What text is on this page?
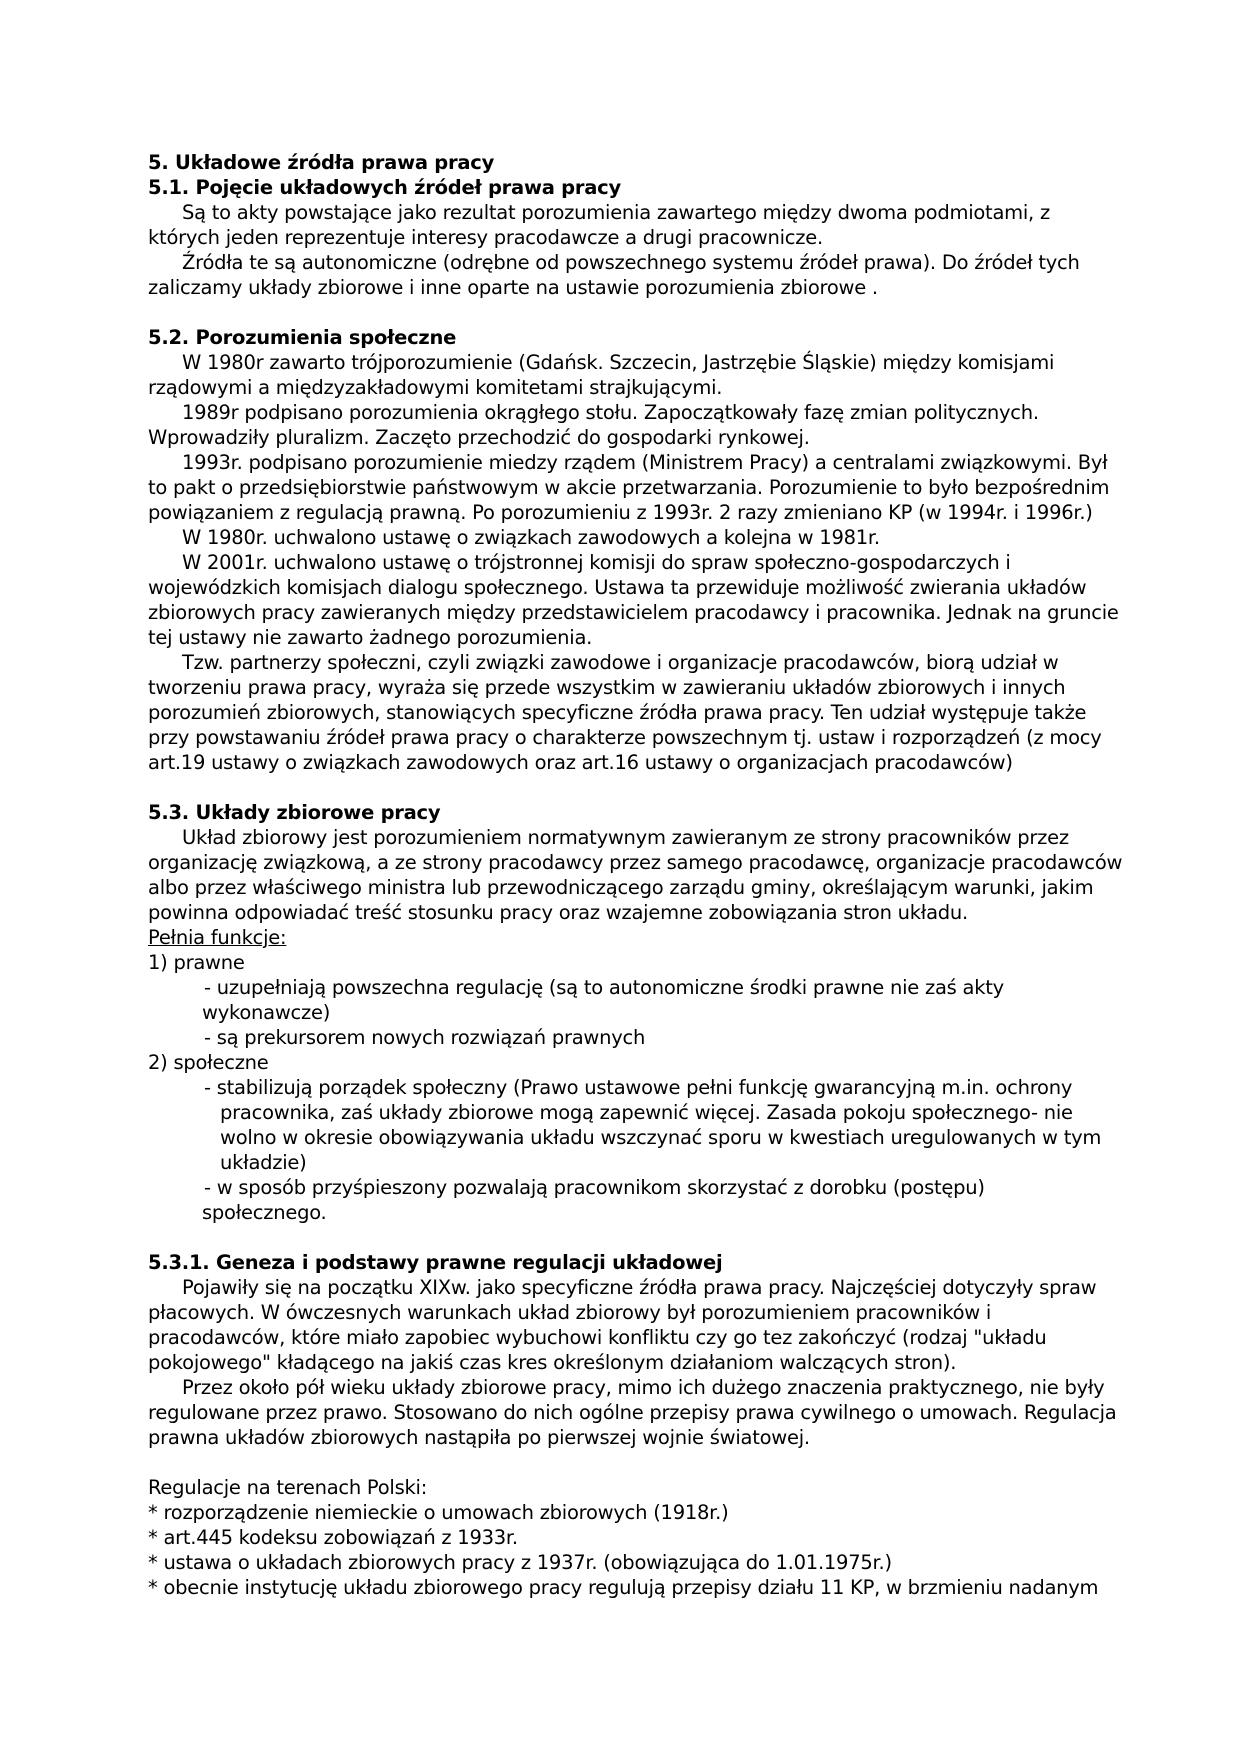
5. Układowe źródła prawa pracy
5.1. Pojęcie układowych źródeł prawa pracy
Są to akty powstające jako rezultat porozumienia zawartego między dwoma podmiotami, z
których jeden reprezentuje interesy pracodawcze a drugi pracownicze.
Źródła te są autonomiczne (odrębne od powszechnego systemu źródeł prawa). Do źródeł tych
zaliczamy układy zbiorowe i inne oparte na ustawie porozumienia zbiorowe .
5.2. Porozumienia społeczne
W 1980r zawarto trójporozumienie (Gdańsk. Szczecin, Jastrzębie Śląskie) między komisjami
rządowymi a międzyzakładowymi komitetami strajkującymi.
1989r podpisano porozumienia okrągłego stołu. Zapoczątkowały fazę zmian politycznych.
Wprowadziły pluralizm. Zaczęto przechodzić do gospodarki rynkowej.
1993r. podpisano porozumienie miedzy rządem (Ministrem Pracy) a centralami związkowymi. Był
to pakt o przedsiębiorstwie państwowym w akcie przetwarzania. Porozumienie to było bezpośrednim
powiązaniem z regulacją prawną. Po porozumieniu z 1993r. 2 razy zmieniano KP (w 1994r. i 1996r.)
W 1980r. uchwalono ustawę o związkach zawodowych a kolejna w 1981r.
W 2001r. uchwalono ustawę o trójstronnej komisji do spraw społeczno-gospodarczych i
wojewódzkich komisjach dialogu społecznego. Ustawa ta przewiduje możliwość zwierania układów
zbiorowych pracy zawieranych między przedstawicielem pracodawcy i pracownika. Jednak na gruncie
tej ustawy nie zawarto żadnego porozumienia.
Tzw. partnerzy społeczni, czyli związki zawodowe i organizacje pracodawców, biorą udział w
tworzeniu prawa pracy, wyraża się przede wszystkim w zawieraniu układów zbiorowych i innych
porozumień zbiorowych, stanowiących specyficzne źródła prawa pracy. Ten udział występuje także
przy powstawaniu źródeł prawa pracy o charakterze powszechnym tj. ustaw i rozporządzeń (z mocy
art.19 ustawy o związkach zawodowych oraz art.16 ustawy o organizacjach pracodawców)
5.3. Układy zbiorowe pracy
Układ zbiorowy jest porozumieniem normatywnym zawieranym ze strony pracowników przez
organizację związkową, a ze strony pracodawcy przez samego pracodawcę, organizacje pracodawców
albo przez właściwego ministra lub przewodniczącego zarządu gminy, określającym warunki, jakim
powinna odpowiadać treść stosunku pracy oraz wzajemne zobowiązania stron układu.
Pełnia funkcje:
1) prawne
- uzupełniają powszechna regulację (są to autonomiczne środki prawne nie zaś akty
wykonawcze)
- są prekursorem nowych rozwiązań prawnych
2) społeczne
- stabilizują porządek społeczny (Prawo ustawowe pełni funkcję gwarancyjną m.in. ochrony
pracownika, zaś układy zbiorowe mogą zapewnić więcej. Zasada pokoju społecznego- nie
wolno w okresie obowiązywania układu wszczynać sporu w kwestiach uregulowanych w tym
układzie)
- w sposób przyśpieszony pozwalają pracownikom skorzystać z dorobku (postępu)
społecznego.
5.3.1. Geneza i podstawy prawne regulacji układowej
Pojawiły się na początku XIXw. jako specyficzne źródła prawa pracy. Najczęściej dotyczyły spraw
płacowych. W ówczesnych warunkach układ zbiorowy był porozumieniem pracowników i
pracodawców, które miało zapobiec wybuchowi konfliktu czy go tez zakończyć (rodzaj "układu
pokojowego" kładącego na jakiś czas kres określonym działaniom walczących stron).
Przez około pół wieku układy zbiorowe pracy, mimo ich dużego znaczenia praktycznego, nie były
regulowane przez prawo. Stosowano do nich ogólne przepisy prawa cywilnego o umowach. Regulacja
prawna układów zbiorowych nastąpiła po pierwszej wojnie światowej.
Regulacje na terenach Polski:
* rozporządzenie niemieckie o umowach zbiorowych (1918r.)
* art.445 kodeksu zobowiązań z 1933r.
* ustawa o układach zbiorowych pracy z 1937r. (obowiązująca do 1.01.1975r.)
* obecnie instytucję układu zbiorowego pracy regulują przepisy działu 11 KP, w brzmieniu nadanym
